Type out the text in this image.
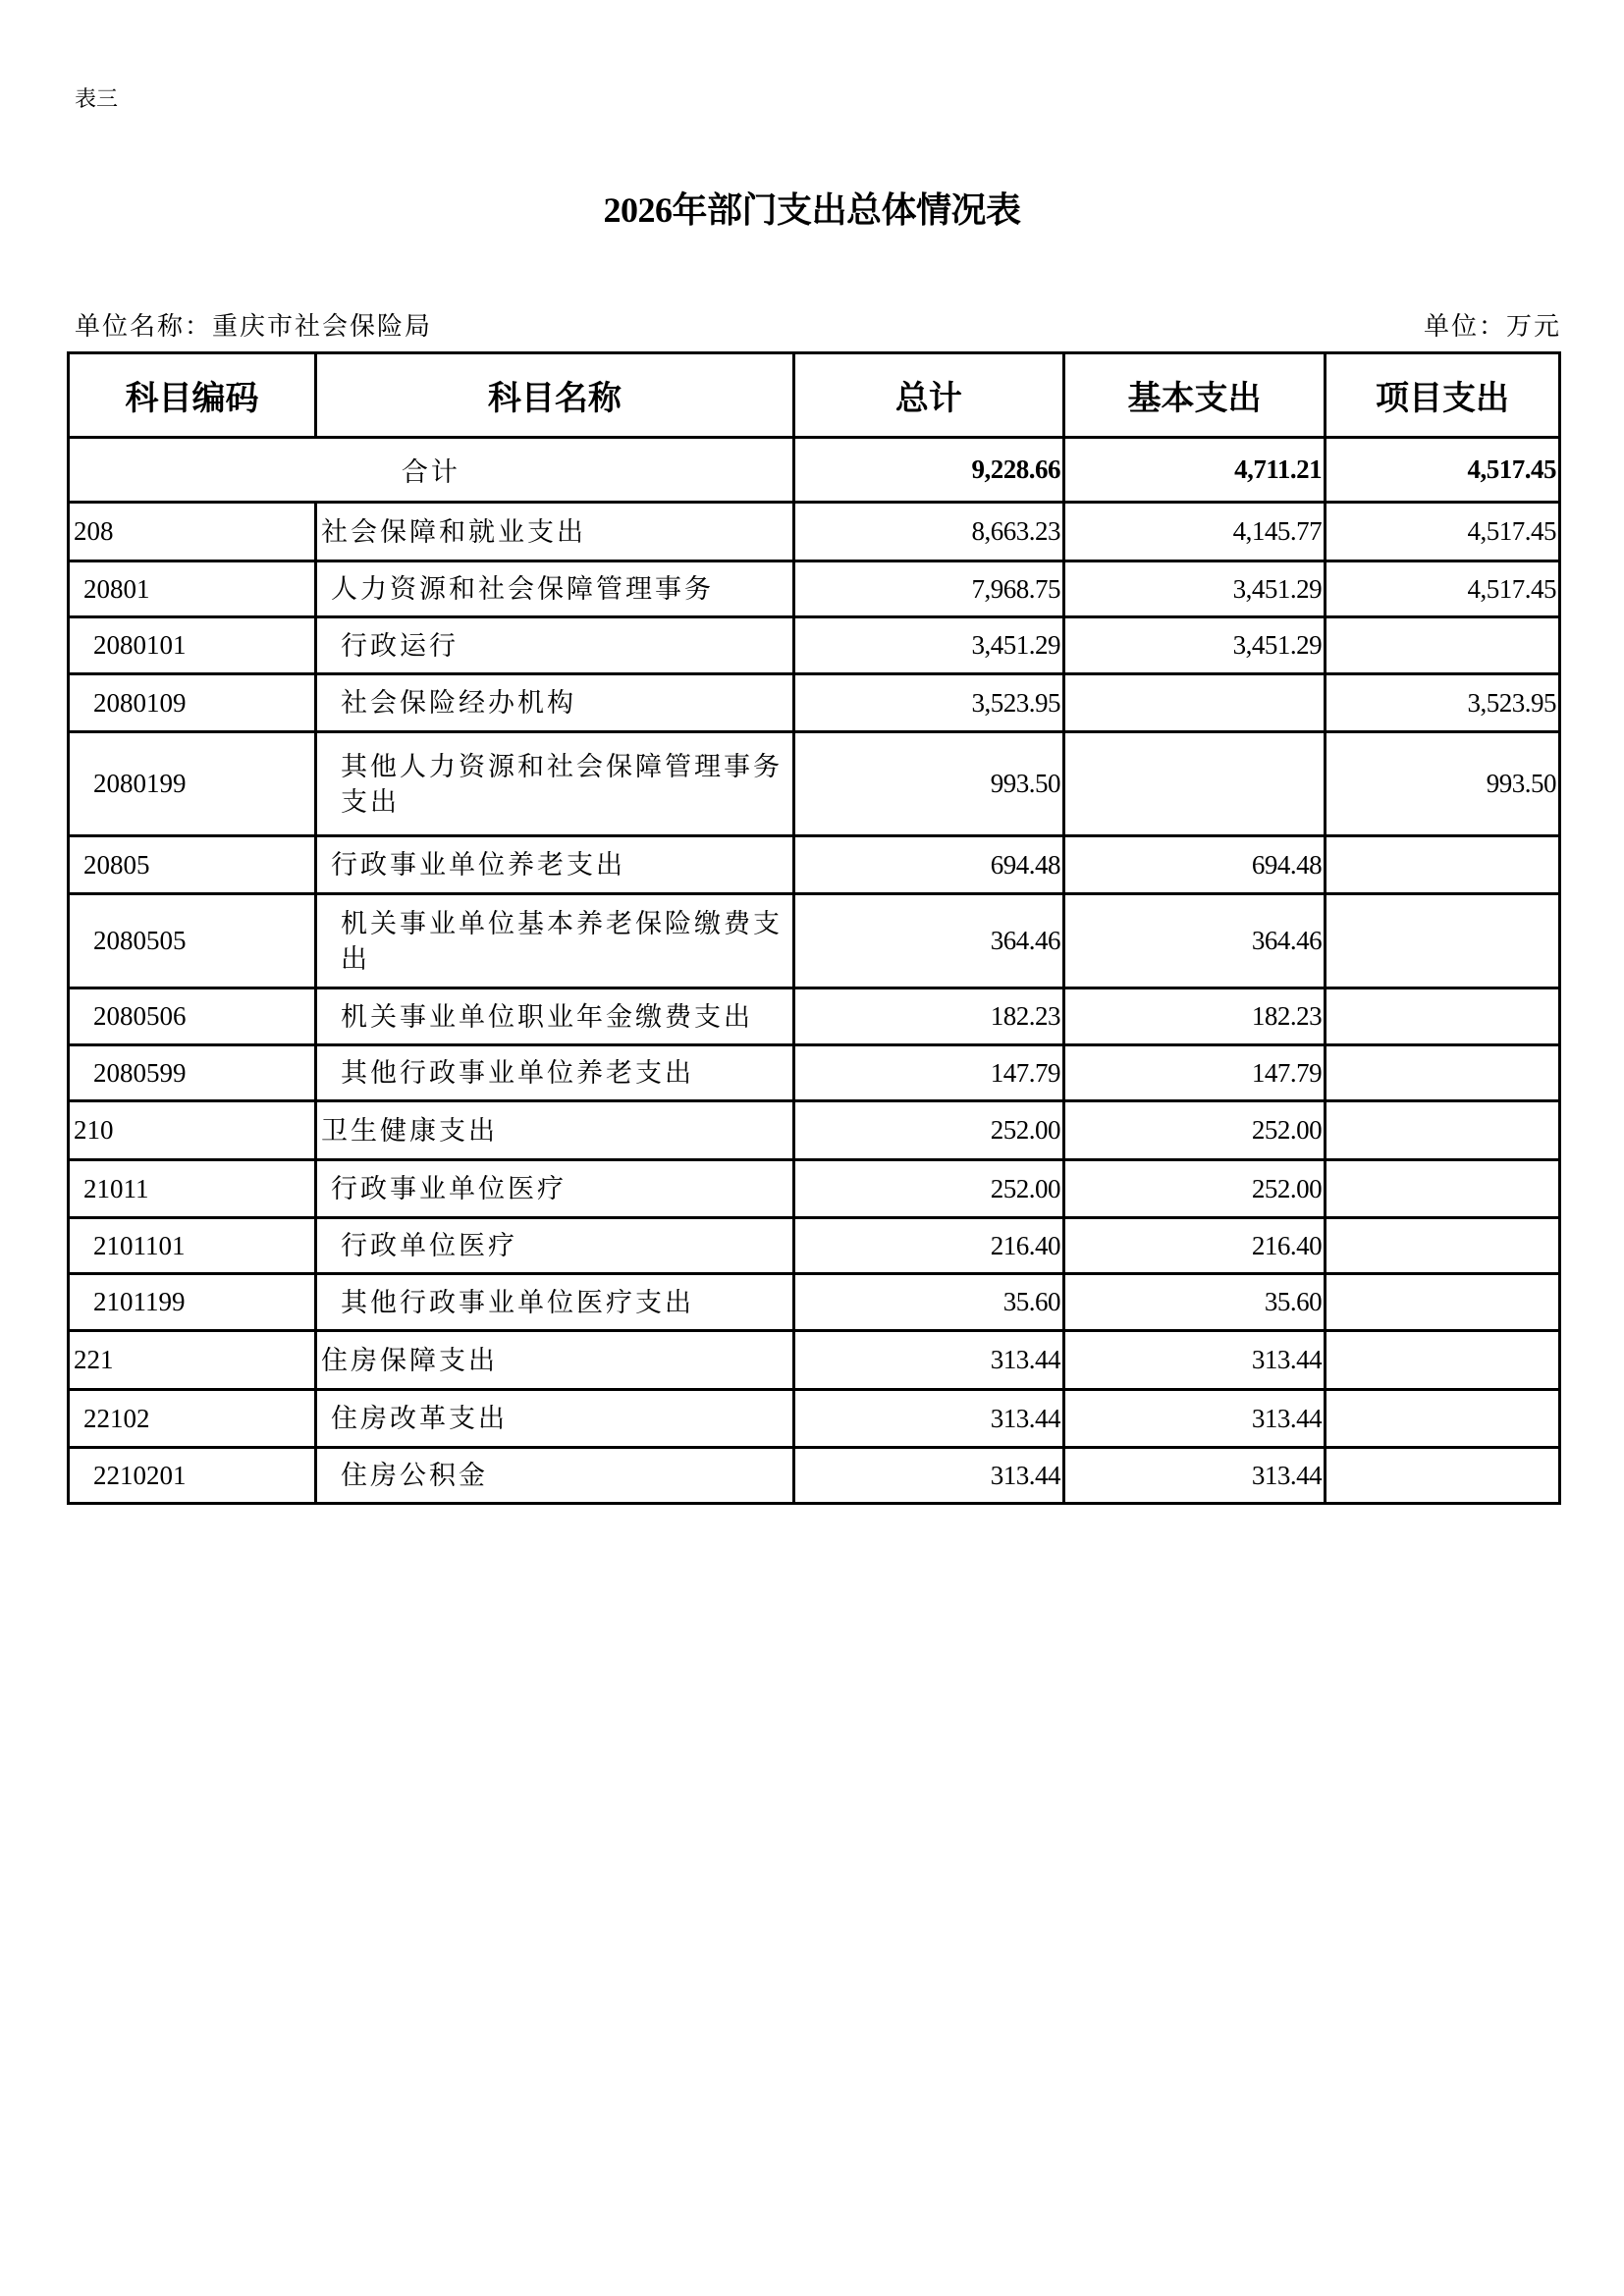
表三
2026年部门支出总体情况表
单位名称：重庆市社会保险局	单位：万元
科目编码	科目名称	总计	基本支出	项目支出
合计		9,228.66	4,711.21	4,517.45
208	社会保障和就业支出	8,663.23	4,145.77	4,517.45
20801	人力资源和社会保障管理事务	7,968.75	3,451.29	4,517.45
2080101	行政运行	3,451.29	3,451.29	
2080109	社会保险经办机构	3,523.95		3,523.95
2080199	其他人力资源和社会保障管理事务支出	993.50		993.50
20805	行政事业单位养老支出	694.48	694.48	
2080505	机关事业单位基本养老保险缴费支出	364.46	364.46	
2080506	机关事业单位职业年金缴费支出	182.23	182.23	
2080599	其他行政事业单位养老支出	147.79	147.79	
210	卫生健康支出	252.00	252.00	
21011	行政事业单位医疗	252.00	252.00	
2101101	行政单位医疗	216.40	216.40	
2101199	其他行政事业单位医疗支出	35.60	35.60	
221	住房保障支出	313.44	313.44	
22102	住房改革支出	313.44	313.44	
2210201	住房公积金	313.44	313.44	
